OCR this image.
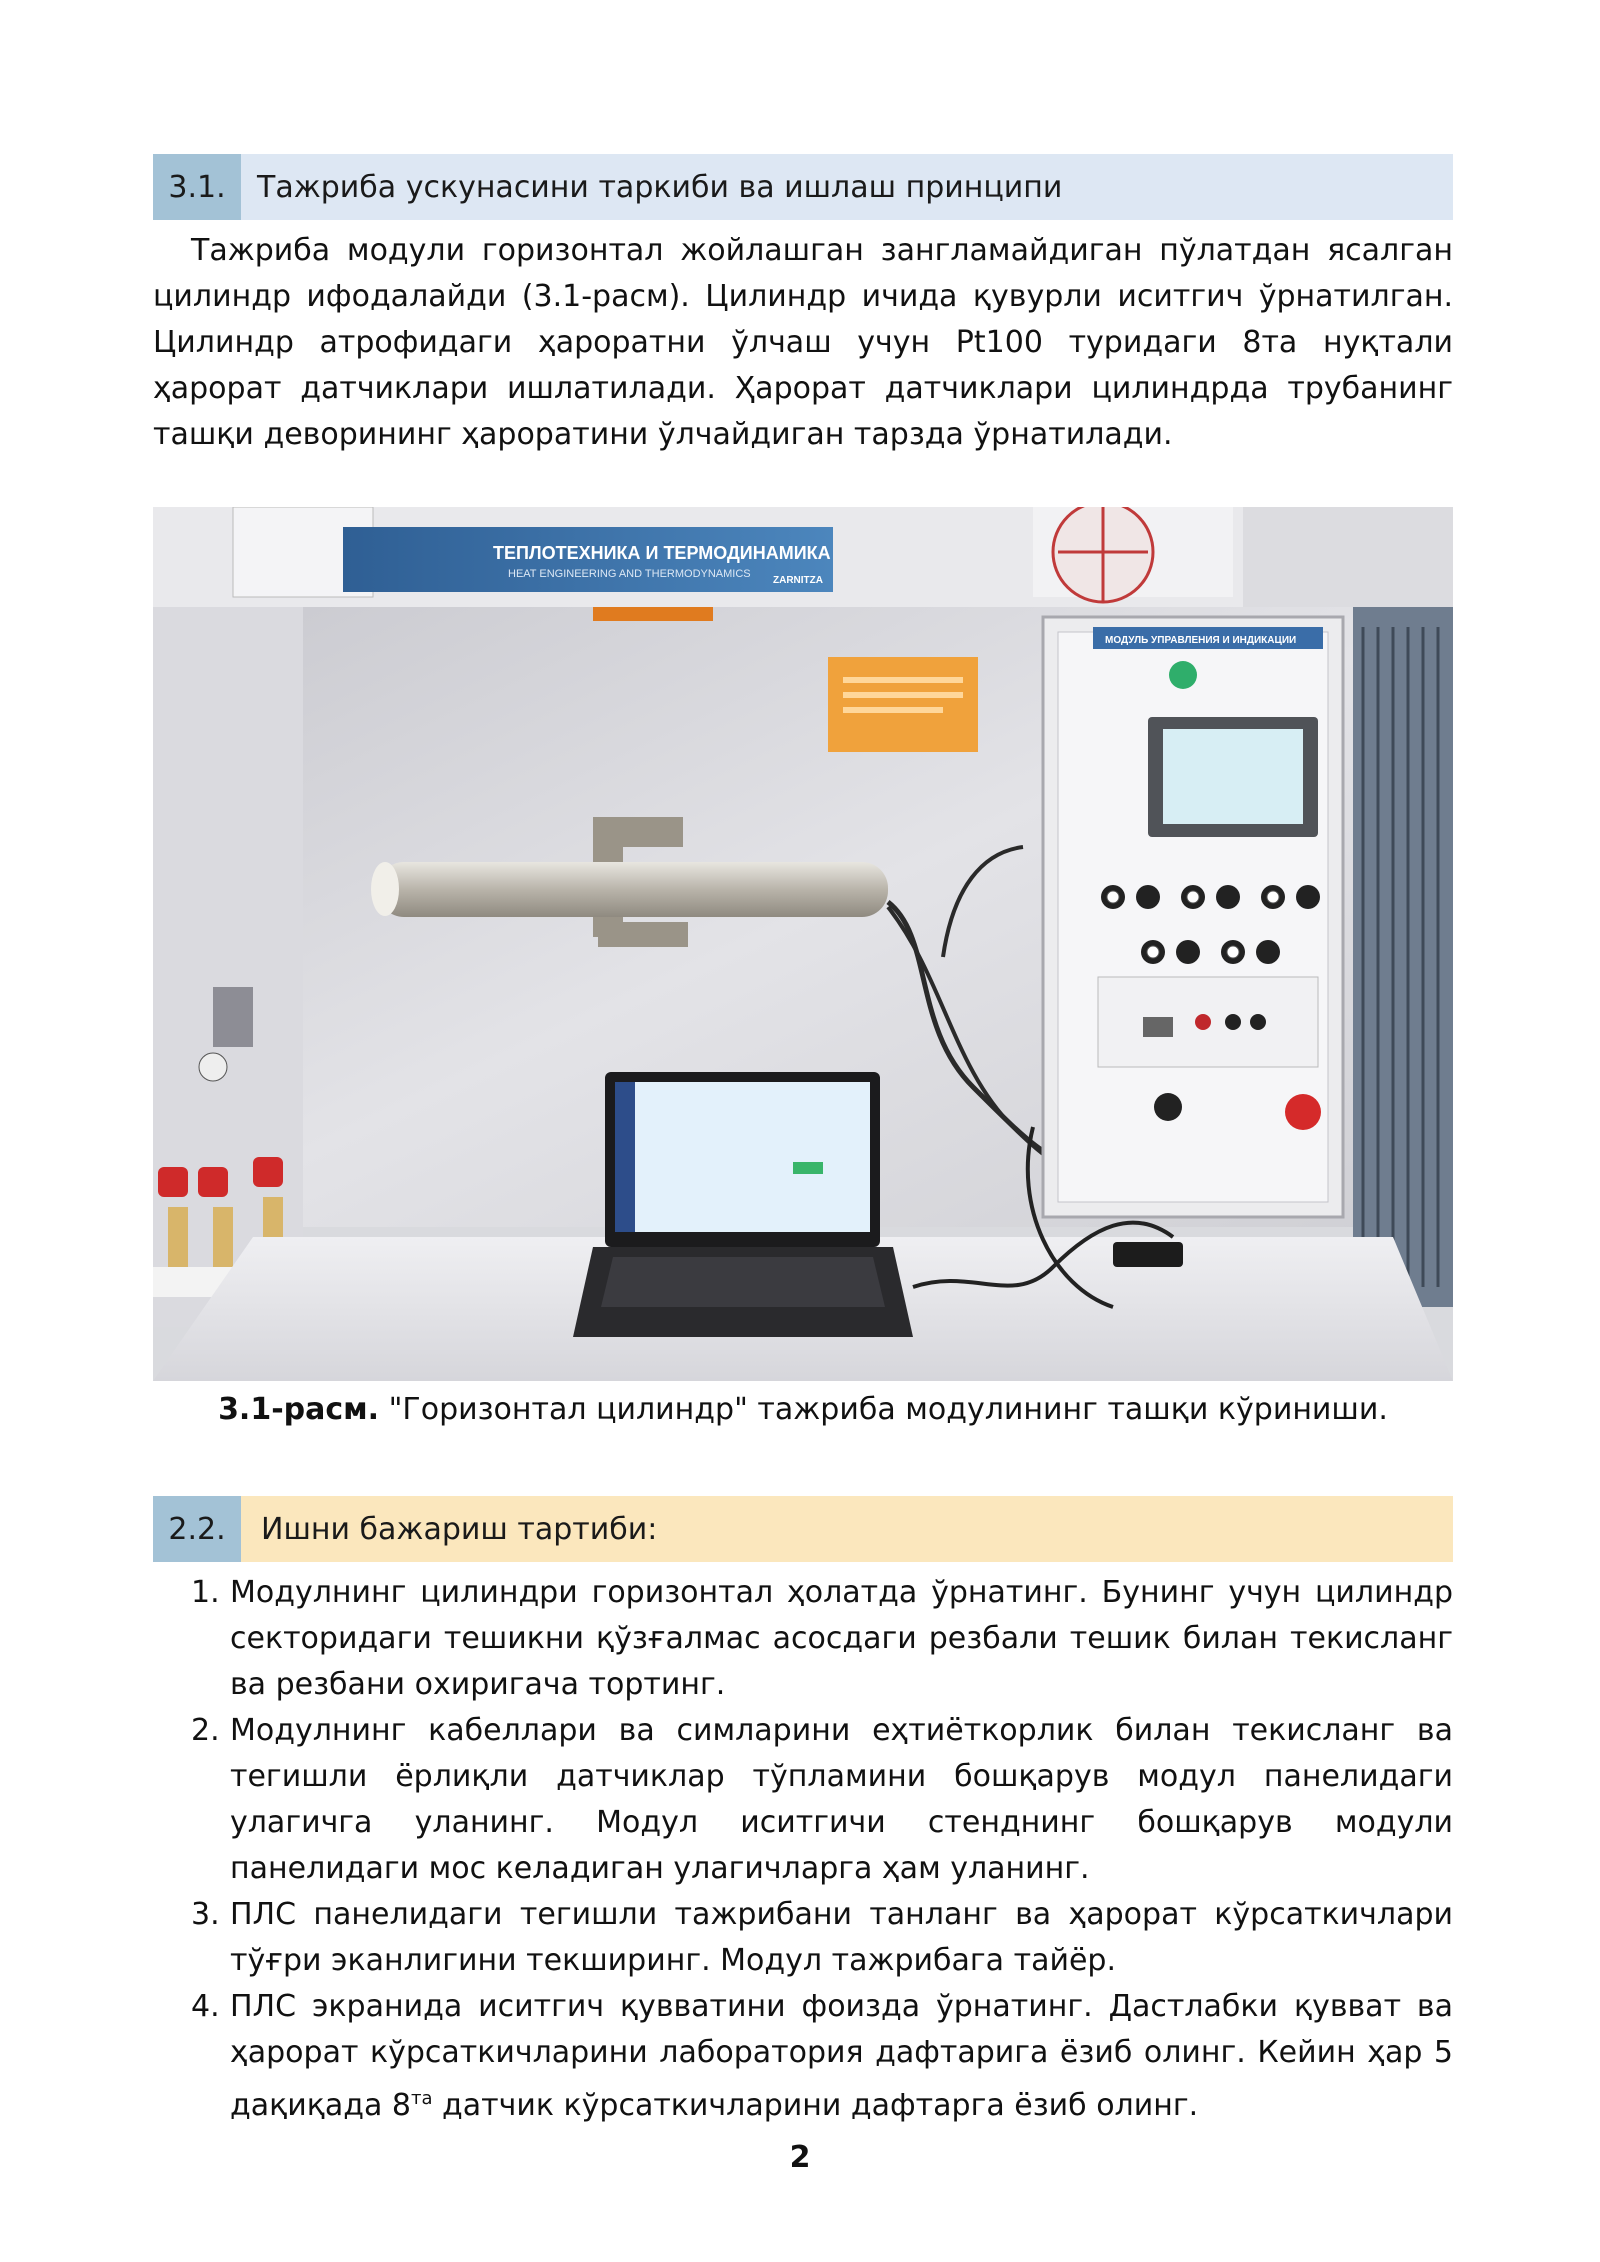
3.1.	Тажриба ускунасини таркиби ва ишлаш принципи

Тажриба модули горизонтал жойлашган зангламайдиган пўлатдан ясалган цилиндр ифодалайди (3.1-расм). Цилиндр ичида қувурли иситгич ўрнатилган. Цилиндр атрофидаги ҳароратни ўлчаш учун Pt100 туридаги 8та нуқтали ҳарорат датчиклари ишлатилади. Ҳарорат датчиклари цилиндрда трубанинг ташқи деворининг ҳароратини ўлчайдиган тарзда ўрнатилади.

ТЕПЛОТЕХНИКА И ТЕРМОДИНАМИКА
HEAT ENGINEERING AND THERMODYNAMICS
ZARNITZA
МОДУЛЬ УПРАВЛЕНИЯ И ИНДИКАЦИИ
3.1-расм. "Горизонтал цилиндр" тажриба модулининг ташқи кўриниши.
2.2.	Ишни бажариш тартиби:
1. Модулнинг цилиндри горизонтал ҳолатда ўрнатинг. Бунинг учун цилиндр секторидаги тешикни қўзғалмас асосдаги резбали тешик билан текисланг ва резбани охиригача тортинг.
2. Модулнинг кабеллари ва симларини еҳтиёткорлик билан текисланг ва тегишли ёрлиқли датчиклар тўпламини бошқарув модул панелидаги улагичга уланинг. Модул иситгичи стенднинг бошқарув модули панелидаги мос келадиган улагичларга ҳам уланинг.
3. ПЛС панелидаги тегишли тажрибани танланг ва ҳарорат кўрсаткичлари тўғри эканлигини текширинг. Модул тажрибага тайёр.
4. ПЛС экранида иситгич қувватини фоизда ўрнатинг. Дастлабки қувват ва ҳарорат кўрсаткичларини лаборатория дафтарига ёзиб олинг. Кейин ҳар 5 дақиқада $8^{та}$ датчик кўрсаткичларини дафтарга ёзиб олинг.
2
